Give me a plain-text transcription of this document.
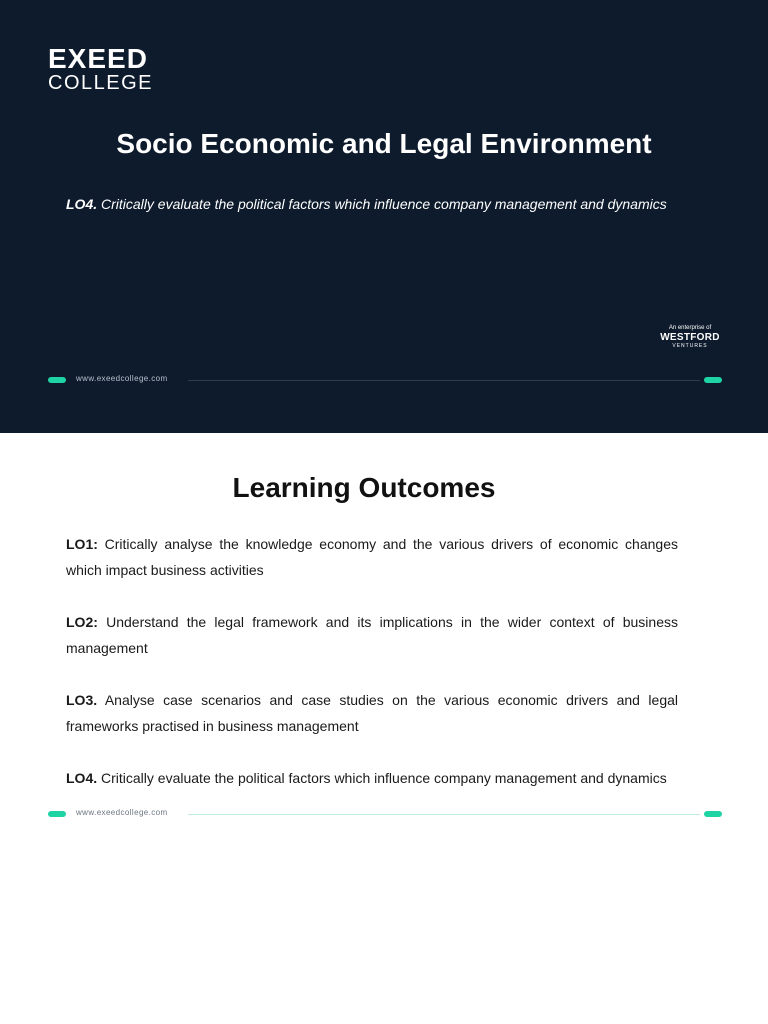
EXEED
COLLEGE
Socio Economic and Legal Environment
LO4. Critically evaluate the political factors which influence company management and dynamics
An enterprise of
WESTFORD
VENTURES
www.exeedcollege.com
Learning Outcomes
LO1: Critically analyse the knowledge economy and the various drivers of economic changes which impact business activities
LO2: Understand the legal framework and its implications in the wider context of business management
LO3. Analyse case scenarios and case studies on the various economic drivers and legal frameworks practised in business management
LO4. Critically evaluate the political factors which influence company management and dynamics
www.exeedcollege.com
